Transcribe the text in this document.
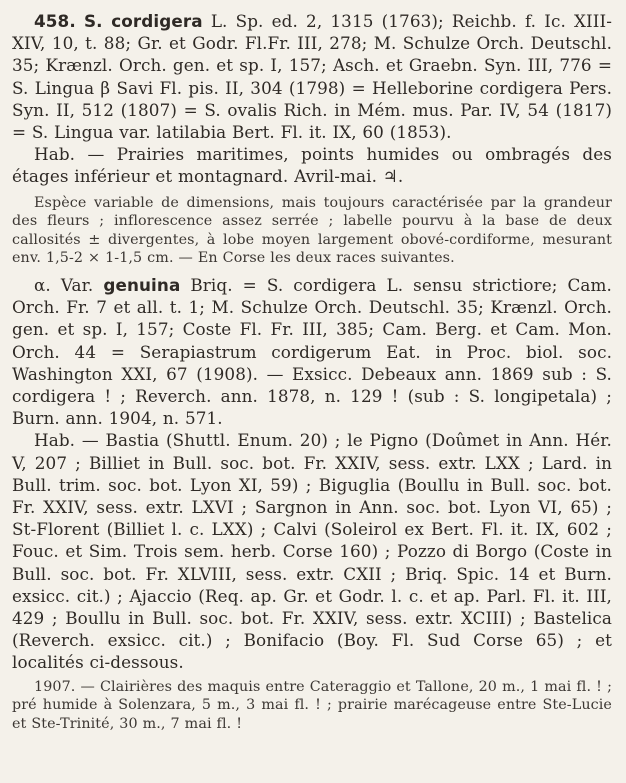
458. S. cordigera L. Sp. ed. 2, 1315 (1763); Reichb. f. Ic. XIII-XIV, 10, t. 88; Gr. et Godr. Fl.Fr. III, 278; M. Schulze Orch. Deutschl. 35; Krænzl. Orch. gen. et sp. I, 157; Asch. et Graebn. Syn. III, 776 = S. Lingua β Savi Fl. pis. II, 304 (1798) = Helleborine cordigera Pers. Syn. II, 512 (1807) = S. ovalis Rich. in Mém. mus. Par. IV, 54 (1817) = S. Lingua var. latilabia Bert. Fl. it. IX, 60 (1853).

Hab. — Prairies maritimes, points humides ou ombragés des étages inférieur et montagnard. Avril-mai. ♃.

Espèce variable de dimensions, mais toujours caractérisée par la grandeur des fleurs ; inflorescence assez serrée ; labelle pourvu à la base de deux callosités ± divergentes, à lobe moyen largement obové-cordiforme, mesurant env. 1,5-2 × 1-1,5 cm. — En Corse les deux races suivantes.

α. Var. genuina Briq. = S. cordigera L. sensu strictiore; Cam. Orch. Fr. 7 et all. t. 1; M. Schulze Orch. Deutschl. 35; Krænzl. Orch. gen. et sp. I, 157; Coste Fl. Fr. III, 385; Cam. Berg. et Cam. Mon. Orch. 44 = Serapiastrum cordigerum Eat. in Proc. biol. soc. Washington XXI, 67 (1908). — Exsicc. Debeaux ann. 1869 sub : S. cordigera ! ; Reverch. ann. 1878, n. 129 ! (sub : S. longipetala) ; Burn. ann. 1904, n. 571.

Hab. — Bastia (Shuttl. Enum. 20) ; le Pigno (Doûmet in Ann. Hér. V, 207 ; Billiet in Bull. soc. bot. Fr. XXIV, sess. extr. LXX ; Lard. in Bull. trim. soc. bot. Lyon XI, 59) ; Biguglia (Boullu in Bull. soc. bot. Fr. XXIV, sess. extr. LXVI ; Sargnon in Ann. soc. bot. Lyon VI, 65) ; St-Florent (Billiet l. c. LXX) ; Calvi (Soleirol ex Bert. Fl. it. IX, 602 ; Fouc. et Sim. Trois sem. herb. Corse 160) ; Pozzo di Borgo (Coste in Bull. soc. bot. Fr. XLVIII, sess. extr. CXII ; Briq. Spic. 14 et Burn. exsicc. cit.) ; Ajaccio (Req. ap. Gr. et Godr. l. c. et ap. Parl. Fl. it. III, 429 ; Boullu in Bull. soc. bot. Fr. XXIV, sess. extr. XCIII) ; Bastelica (Reverch. exsicc. cit.) ; Bonifacio (Boy. Fl. Sud Corse 65) ; et localités ci-dessous.

1907. — Clairières des maquis entre Cateraggio et Tallone, 20 m., 1 mai fl. ! ; pré humide à Solenzara, 5 m., 3 mai fl. ! ; prairie marécageuse entre Ste-Lucie et Ste-Trinité, 30 m., 7 mai fl. !
